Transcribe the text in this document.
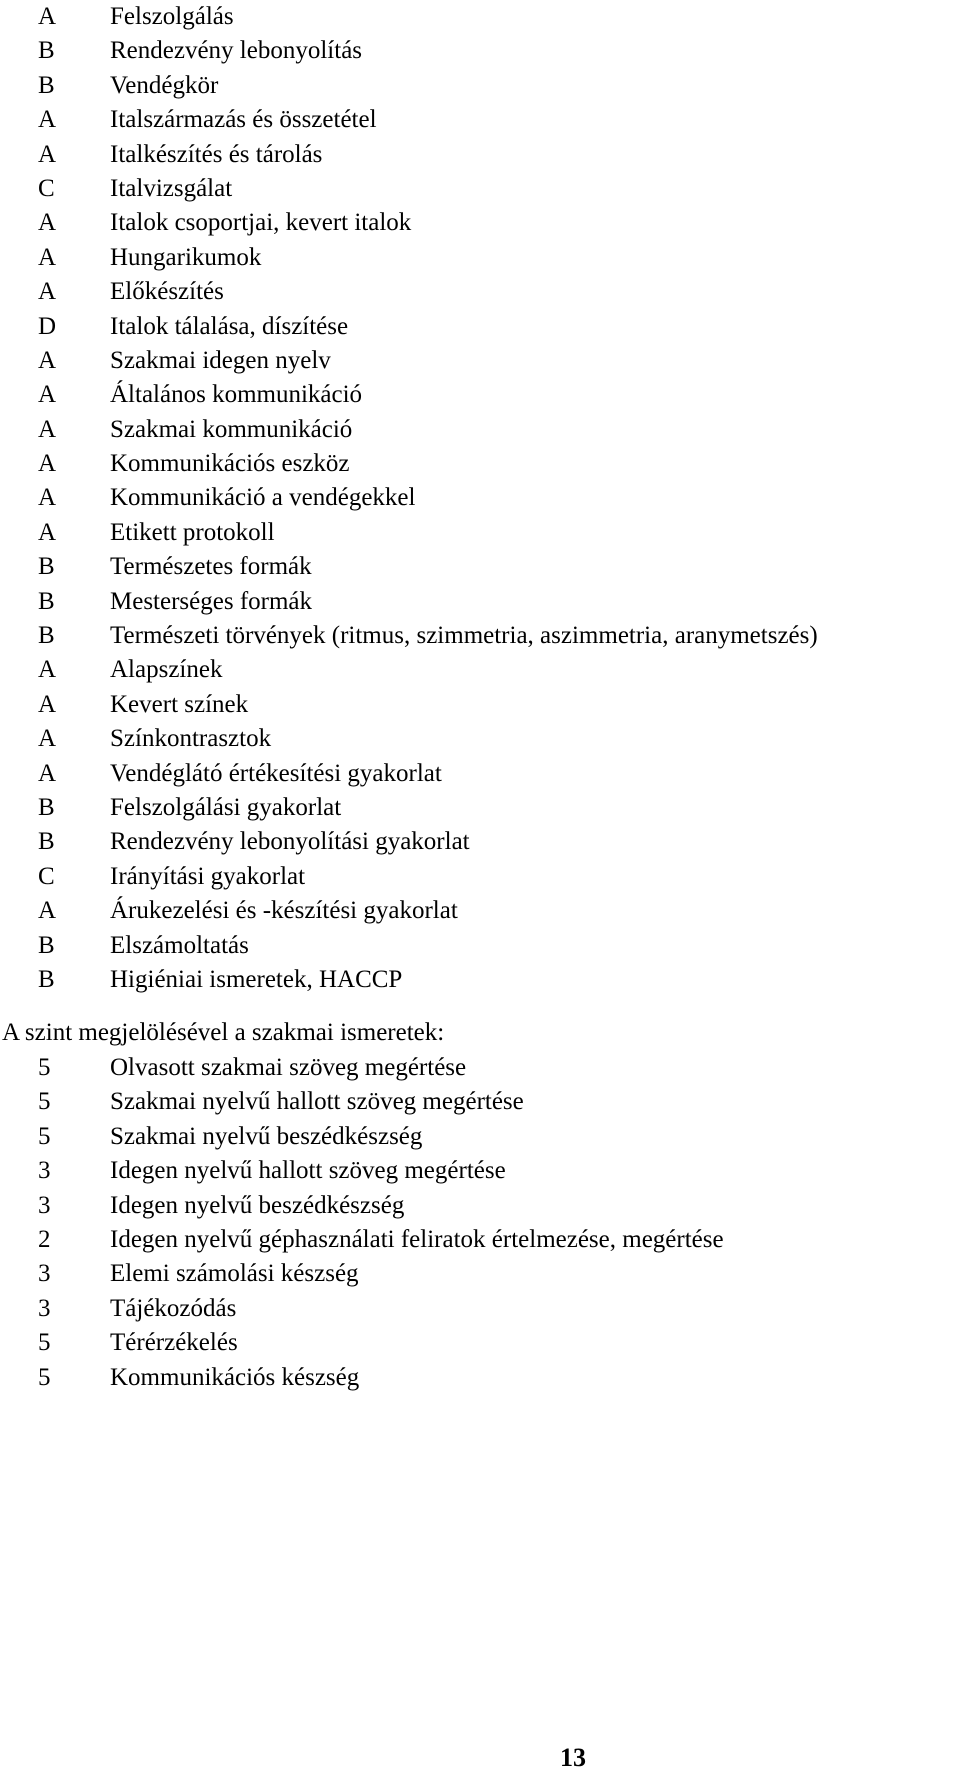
A	Felszolgálás
B	Rendezvény lebonyolítás
B	Vendégkör
A	Italszármazás és összetétel
A	Italkészítés és tárolás
C	Italvizsgálat
A	Italok csoportjai, kevert italok
A	Hungarikumok
A	Előkészítés
D	Italok tálalása, díszítése
A	Szakmai idegen nyelv
A	Általános kommunikáció
A	Szakmai kommunikáció
A	Kommunikációs eszköz
A	Kommunikáció a vendégekkel
A	Etikett protokoll
B	Természetes formák
B	Mesterséges formák
B	Természeti törvények (ritmus, szimmetria, aszimmetria, aranymetszés)
A	Alapszínek
A	Kevert színek
A	Színkontrasztok
A	Vendéglátó értékesítési gyakorlat
B	Felszolgálási gyakorlat
B	Rendezvény lebonyolítási gyakorlat
C	Irányítási gyakorlat
A	Árukezelési és -készítési gyakorlat
B	Elszámoltatás
B	Higiéniai ismeretek, HACCP
A szint megjelölésével a szakmai ismeretek:
5	Olvasott szakmai szöveg megértése
5	Szakmai nyelvű hallott szöveg megértése
5	Szakmai nyelvű beszédkészség
3	Idegen nyelvű hallott szöveg megértése
3	Idegen nyelvű beszédkészség
2	Idegen nyelvű géphasználati feliratok értelmezése, megértése
3	Elemi számolási készség
3	Tájékozódás
5	Térérzékelés
5	Kommunikációs készség
13
